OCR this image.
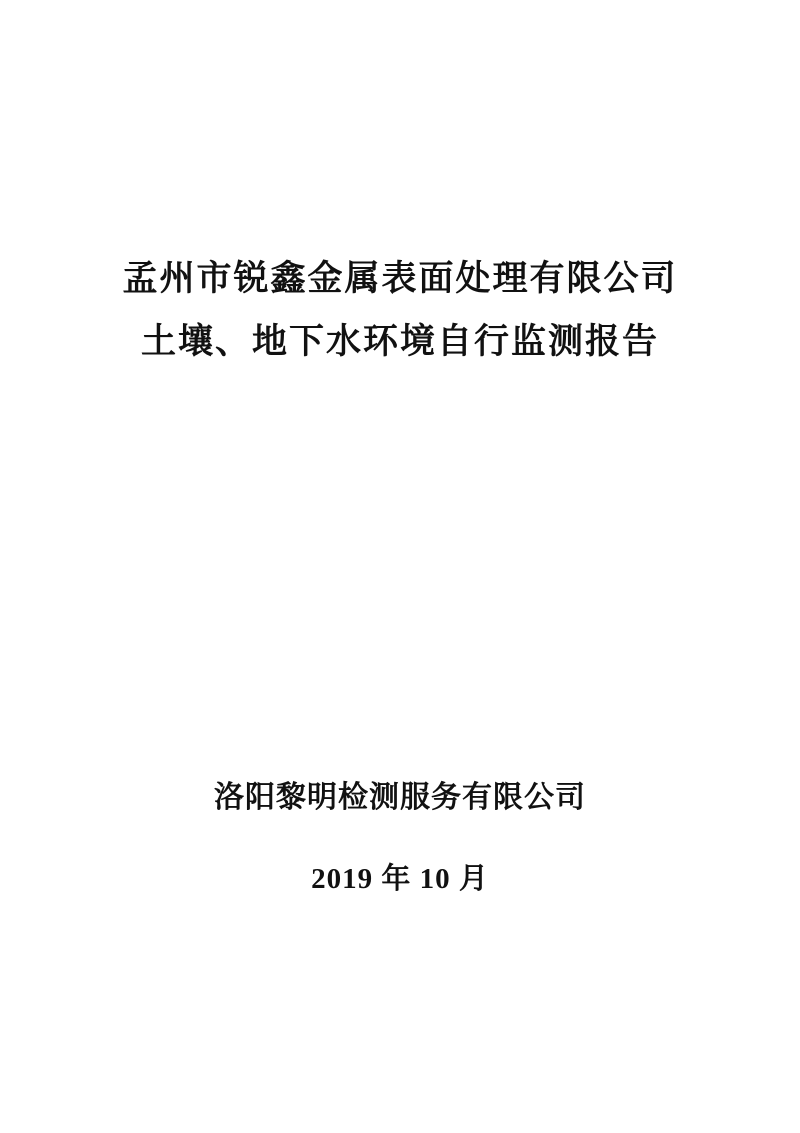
孟州市锐鑫金属表面处理有限公司
土壤、地下水环境自行监测报告
洛阳黎明检测服务有限公司
2019 年 10 月
